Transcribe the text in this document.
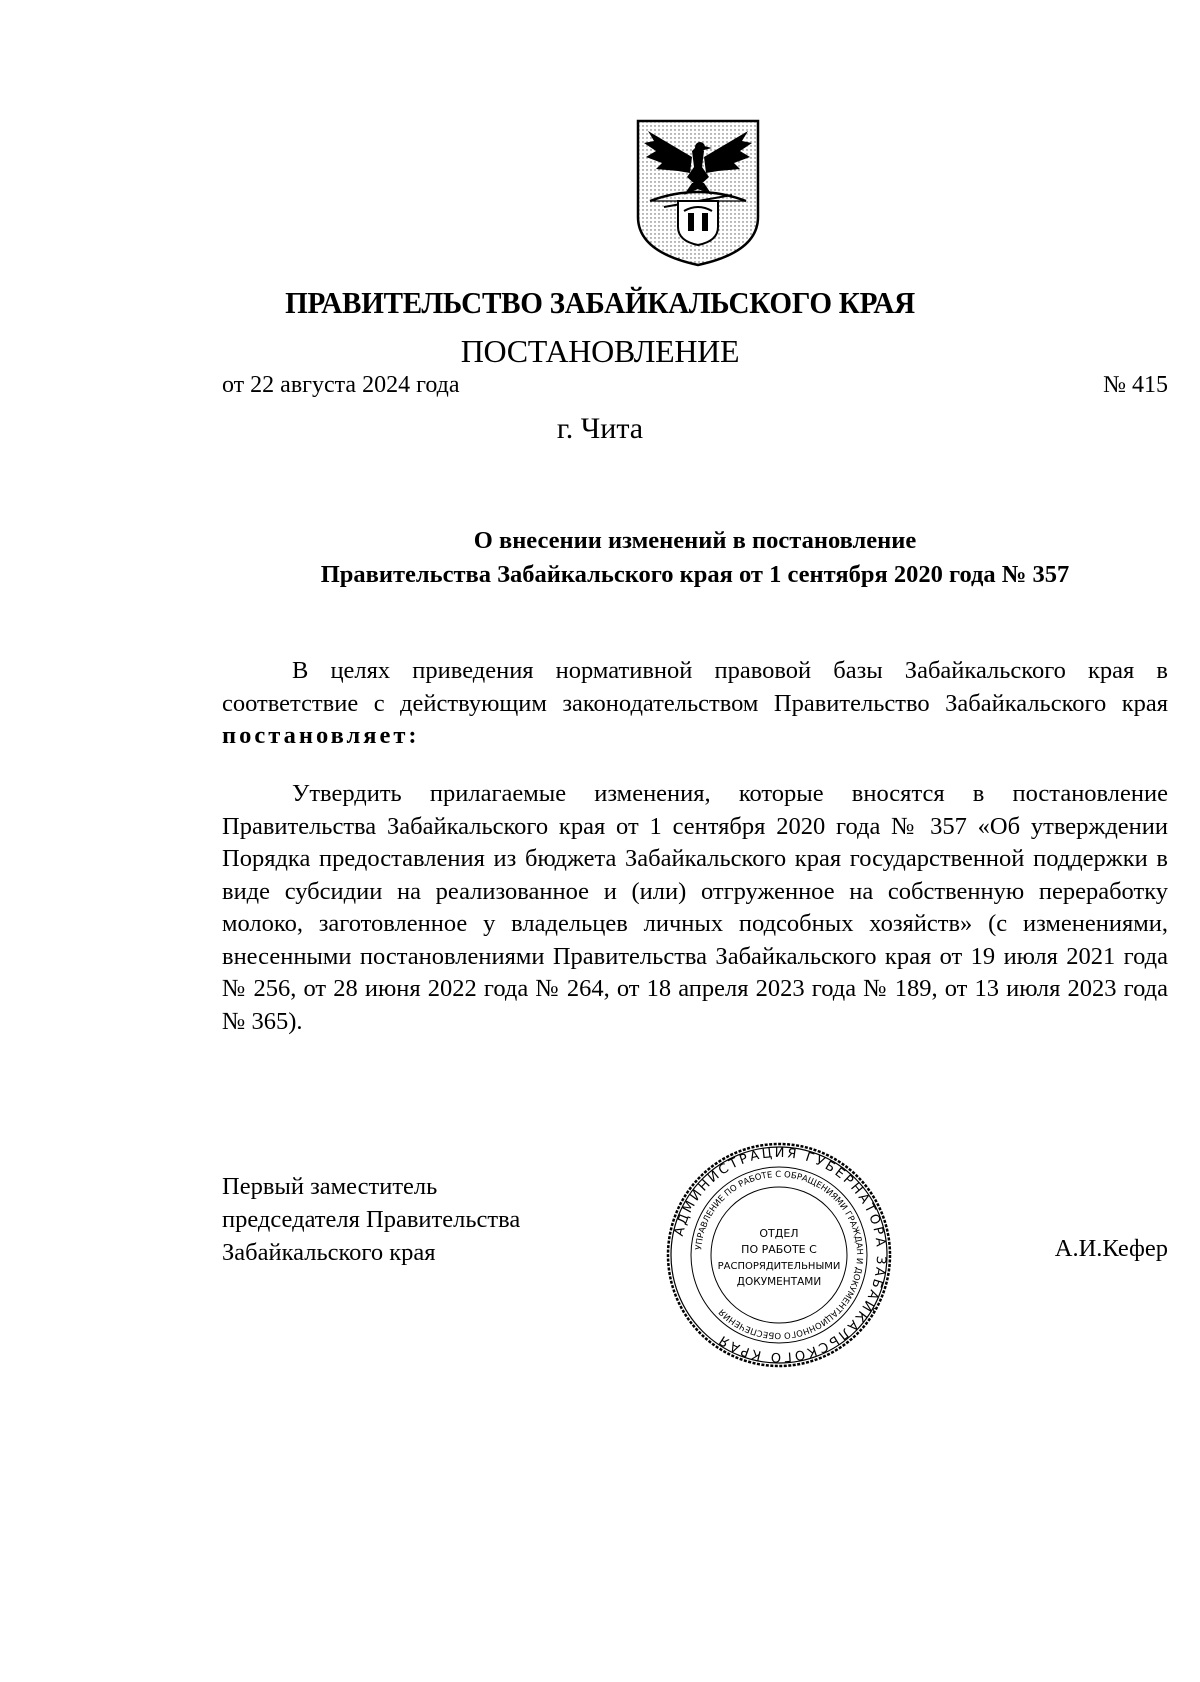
ПРАВИТЕЛЬСТВО ЗАБАЙКАЛЬСКОГО КРАЯ
ПОСТАНОВЛЕНИЕ
от 22 августа 2024 года	№ 415
г. Чита
О внесении изменений в постановление
Правительства Забайкальского края от 1 сентября 2020 года № 357
В целях приведения нормативной правовой базы Забайкальского края в соответствие с действующим законодательством Правительство Забайкальского края постановляет:
Утвердить прилагаемые изменения, которые вносятся в постановление Правительства Забайкальского края от 1 сентября 2020 года № 357 «Об утверждении Порядка предоставления из бюджета Забайкальского края государственной поддержки в виде субсидии на реализованное и (или) отгруженное на собственную переработку молоко, заготовленное у владельцев личных подсобных хозяйств» (с изменениями, внесенными постановлениями Правительства Забайкальского края от 19 июля 2021 года № 256, от 28 июня 2022 года № 264, от 18 апреля 2023 года № 189, от 13 июля 2023 года № 365).
Первый заместитель
председателя Правительства
Забайкальского края	А.И.Кефер
АДМИНИСТРАЦИЯ ГУБЕРНАТОРА ЗАБАЙКАЛЬСКОГО КРАЯ
УПРАВЛЕНИЕ ПО РАБОТЕ С ОБРАЩЕНИЯМИ ГРАЖДАН И ДОКУМЕНТАЦИОННОГО ОБЕСПЕЧЕНИЯ
ОТДЕЛ
ПО РАБОТЕ С
РАСПОРЯДИТЕЛЬНЫМИ
ДОКУМЕНТАМИ
